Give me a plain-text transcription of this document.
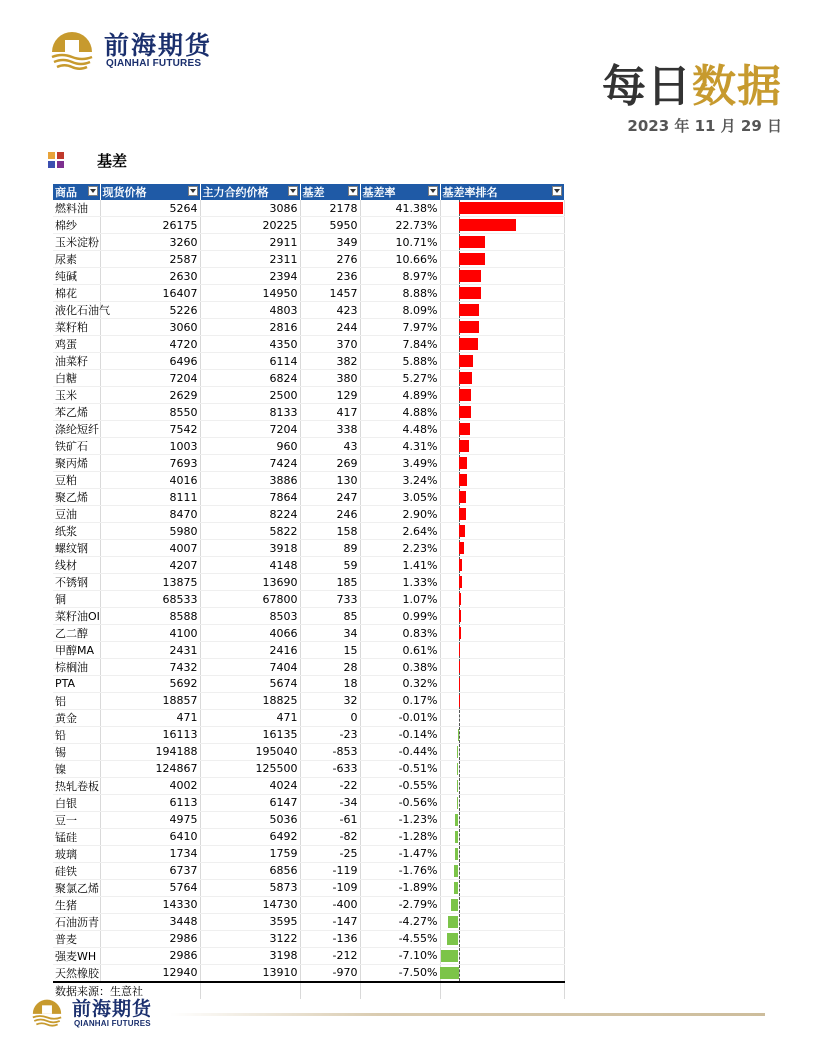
前海期货
QIANHAI FUTURES	每日数据
2023 年 11 月 29 日
基差
商品	现货价格	主力合约价格	基差	基差率	基差率排名

燃料油	5264	3086	2178	41.38%	

棉纱	26175	20225	5950	22.73%	

玉米淀粉	3260	2911	349	10.71%	

尿素	2587	2311	276	10.66%	

纯碱	2630	2394	236	8.97%	

棉花	16407	14950	1457	8.88%	

液化石油气	5226	4803	423	8.09%	

菜籽粕	3060	2816	244	7.97%	

鸡蛋	4720	4350	370	7.84%	

油菜籽	6496	6114	382	5.88%	

白糖	7204	6824	380	5.27%	

玉米	2629	2500	129	4.89%	

苯乙烯	8550	8133	417	4.88%	

涤纶短纤	7542	7204	338	4.48%	

铁矿石	1003	960	43	4.31%	

聚丙烯	7693	7424	269	3.49%	

豆粕	4016	3886	130	3.24%	

聚乙烯	8111	7864	247	3.05%	

豆油	8470	8224	246	2.90%	

纸浆	5980	5822	158	2.64%	

螺纹钢	4007	3918	89	2.23%	

线材	4207	4148	59	1.41%	

不锈钢	13875	13690	185	1.33%	

铜	68533	67800	733	1.07%	

菜籽油OI	8588	8503	85	0.99%	

乙二醇	4100	4066	34	0.83%	

甲醇MA	2431	2416	15	0.61%	

棕榈油	7432	7404	28	0.38%	

PTA	5692	5674	18	0.32%	

铝	18857	18825	32	0.17%	

黄金	471	471	0	-0.01%	

铅	16113	16135	-23	-0.14%	

锡	194188	195040	-853	-0.44%	

镍	124867	125500	-633	-0.51%	

热轧卷板	4002	4024	-22	-0.55%	

白银	6113	6147	-34	-0.56%	

豆一	4975	5036	-61	-1.23%	

锰硅	6410	6492	-82	-1.28%	

玻璃	1734	1759	-25	-1.47%	

硅铁	6737	6856	-119	-1.76%	

聚氯乙烯	5764	5873	-109	-1.89%	

生猪	14330	14730	-400	-2.79%	

石油沥青	3448	3595	-147	-4.27%	

普麦	2986	3122	-136	-4.55%	

强麦WH	2986	3198	-212	-7.10%	

天然橡胶	12940	13910	-970	-7.50%	

数据来源：生意社					
前海期货
QIANHAI FUTURES
